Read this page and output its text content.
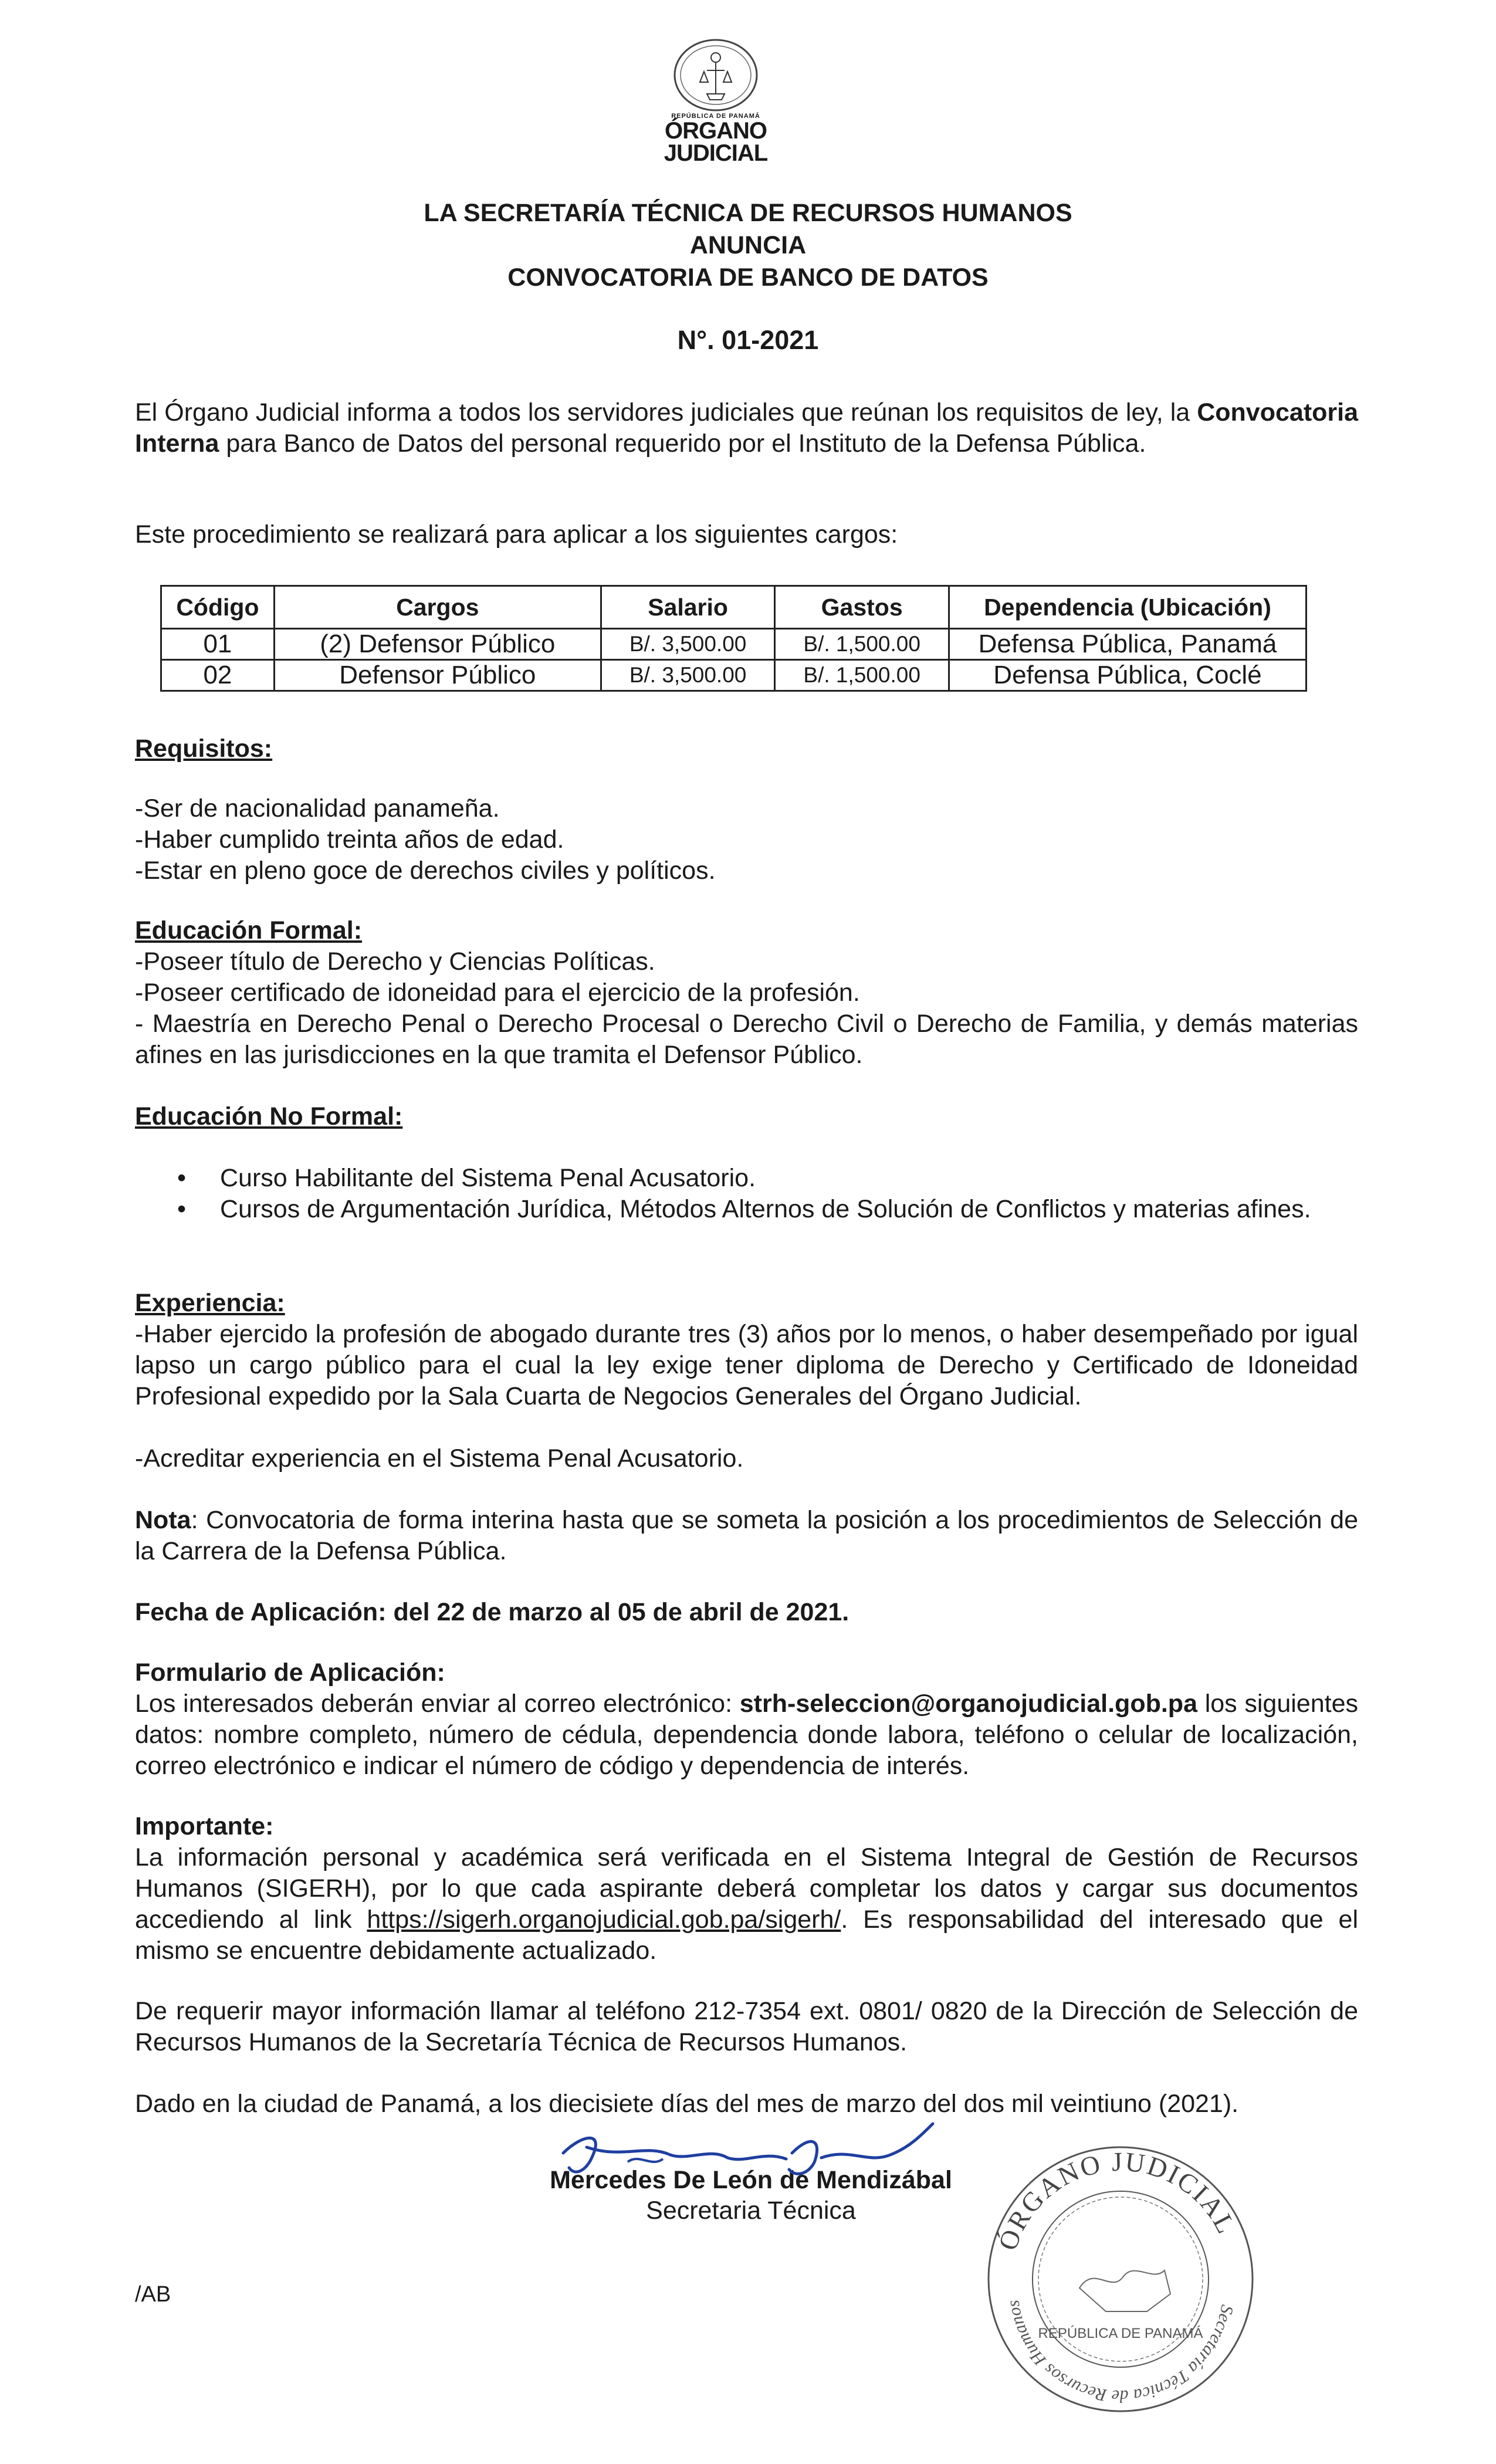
REPÚBLICA DE PANAMÁ
ÓRGANO
JUDICIAL
LA SECRETARÍA TÉCNICA DE RECURSOS HUMANOS
ANUNCIA
CONVOCATORIA DE BANCO DE DATOS
N°. 01-2021
El Órgano Judicial informa a todos los servidores judiciales que reúnan los requisitos de ley, la Convocatoria Interna para Banco de Datos del personal requerido por el Instituto de la Defensa Pública.
Este procedimiento se realizará para aplicar a los siguientes cargos:
Código	Cargos	Salario	Gastos	Dependencia (Ubicación)
01	(2) Defensor Público	B/. 3,500.00	B/. 1,500.00	Defensa Pública, Panamá
02	Defensor Público	B/. 3,500.00	B/. 1,500.00	Defensa Pública, Coclé
Requisitos:
-Ser de nacionalidad panameña.
-Haber cumplido treinta años de edad.
-Estar en pleno goce de derechos civiles y políticos.
Educación Formal:
-Poseer título de Derecho y Ciencias Políticas.
-Poseer certificado de idoneidad para el ejercicio de la profesión.
- Maestría en Derecho Penal o Derecho Procesal o Derecho Civil o Derecho de Familia, y demás materias afines en las jurisdicciones en la que tramita el Defensor Público.
Educación No Formal:
• Curso Habilitante del Sistema Penal Acusatorio.
• Cursos de Argumentación Jurídica, Métodos Alternos de Solución de Conflictos y materias afines.
Experiencia:
-Haber ejercido la profesión de abogado durante tres (3) años por lo menos, o haber desempeñado por igual lapso un cargo público para el cual la ley exige tener diploma de Derecho y Certificado de Idoneidad Profesional expedido por la Sala Cuarta de Negocios Generales del Órgano Judicial.
-Acreditar experiencia en el Sistema Penal Acusatorio.
Nota: Convocatoria de forma interina hasta que se someta la posición a los procedimientos de Selección de la Carrera de la Defensa Pública.
Fecha de Aplicación: del 22 de marzo al 05 de abril de 2021.
Formulario de Aplicación:
Los interesados deberán enviar al correo electrónico: strh-seleccion@organojudicial.gob.pa los siguientes datos: nombre completo, número de cédula, dependencia donde labora, teléfono o celular de localización, correo electrónico e indicar el número de código y dependencia de interés.
Importante:
La información personal y académica será verificada en el Sistema Integral de Gestión de Recursos Humanos (SIGERH), por lo que cada aspirante deberá completar los datos y cargar sus documentos accediendo al link https://sigerh.organojudicial.gob.pa/sigerh/. Es responsabilidad del interesado que el mismo se encuentre debidamente actualizado.
De requerir mayor información llamar al teléfono 212-7354 ext. 0801/ 0820 de la Dirección de Selección de Recursos Humanos de la Secretaría Técnica de Recursos Humanos.
Dado en la ciudad de Panamá, a los diecisiete días del mes de marzo del dos mil veintiuno (2021).
Mercedes De León de Mendizábal
Secretaria Técnica
ÓRGANO JUDICIAL
Secretaría Técnica de Recursos Humanos
REPÚBLICA DE PANAMÁ
/AB
